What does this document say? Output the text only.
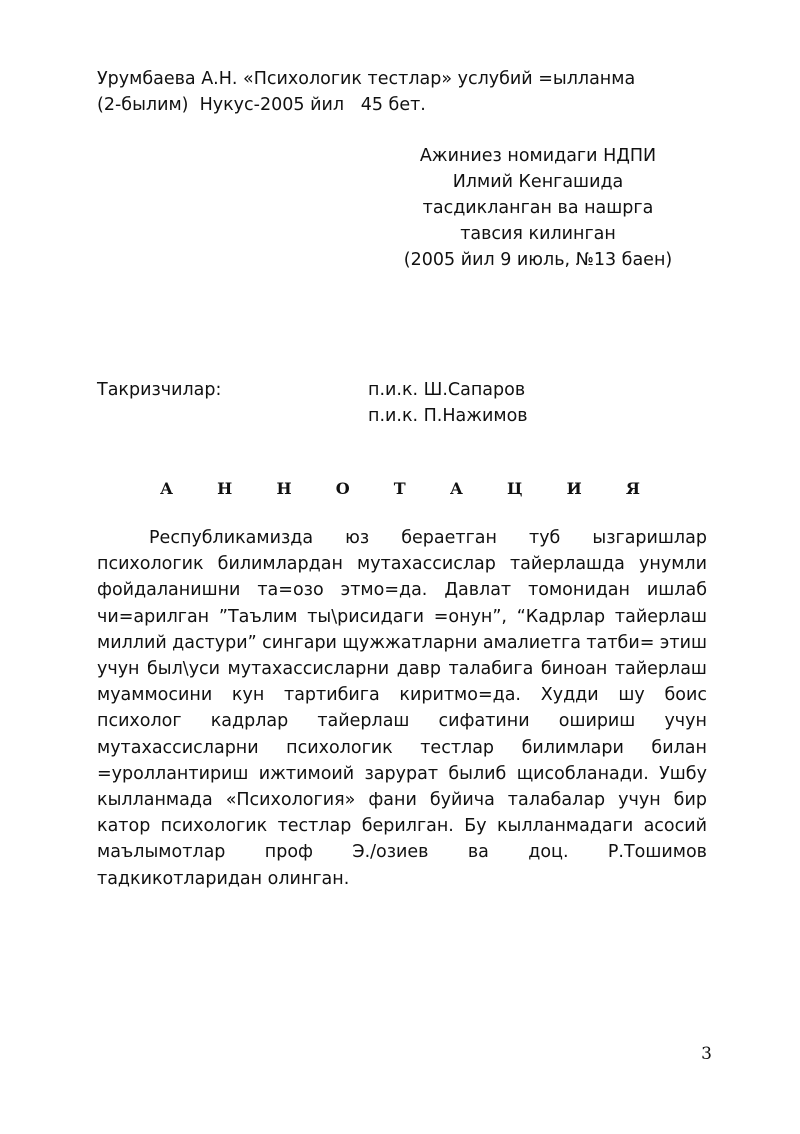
Урумбаева А.Н. «Психологик тестлар» услубий =ылланма
(2-былим)  Нукус-2005 йил   45 бет.
Ажиниез номидаги НДПИ
Илмий Кенгашида
тасдикланган ва нашрга
тавсия килинган
(2005 йил 9 июль, №13 баен)
Такризчилар:	п.и.к. Ш.Сапаров
п.и.к. П.Нажимов
А	Н	Н	О	Т	А	Ц	И	Я
Республикамизда юз бераетган туб ызгаришлар
психологик билимлардан мутахассислар тайерлашда унумли
фойдаланишни та=озо этмо=да. Давлат томонидан ишлаб
чи=арилган ”Таълим ты\рисидаги =онун”, “Кадрлар тайерлаш
миллий дастури” сингари щужжатларни амалиетга татби= этиш
учун был\уси мутахассисларни давр талабига биноан тайерлаш
муаммосини кун тартибига киритмо=да. Худди шу боис
психолог кадрлар тайерлаш сифатини ошириш учун
мутахассисларни психологик тестлар билимлари билан
=уроллантириш ижтимоий зарурат былиб щисобланади. Ушбу
кылланмада «Психология» фани буйича талабалар учун бир
катор психологик тестлар берилган. Бу кылланмадаги асосий
маълымотлар проф Э./озиев ва доц. Р.Тошимов
тадкикотларидан олинган.
3
